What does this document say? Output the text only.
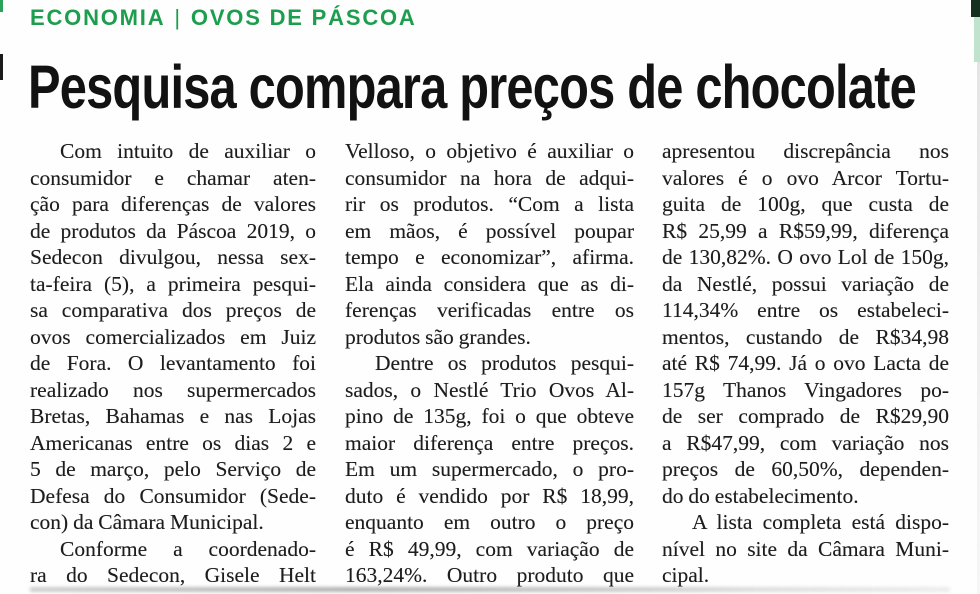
ECONOMIA | OVOS DE PÁSCOA
Pesquisa compara preços de chocolate
Com intuito de auxiliar o
consumidor e chamar aten-
ção para diferenças de valores
de produtos da Páscoa 2019, o
Sedecon divulgou, nessa sex-
ta-feira (5), a primeira pesqui-
sa comparativa dos preços de
ovos comercializados em Juiz
de Fora. O levantamento foi
realizado nos supermercados
Bretas, Bahamas e nas Lojas
Americanas entre os dias 2 e
5 de março, pelo Serviço de
Defesa do Consumidor (Sede-
con) da Câmara Municipal.
Conforme a coordenado-
ra do Sedecon, Gisele Helt
Velloso, o objetivo é auxiliar o
consumidor na hora de adqui-
rir os produtos. “Com a lista
em mãos, é possível poupar
tempo e economizar”, afirma.
Ela ainda considera que as di-
ferenças verificadas entre os
produtos são grandes.
Dentre os produtos pesqui-
sados, o Nestlé Trio Ovos Al-
pino de 135g, foi o que obteve
maior diferença entre preços.
Em um supermercado, o pro-
duto é vendido por R$ 18,99,
enquanto em outro o preço
é R$ 49,99, com variação de
163,24%. Outro produto que
apresentou discrepância nos
valores é o ovo Arcor Tortu-
guita de 100g, que custa de
R$ 25,99 a R$59,99, diferença
de 130,82%. O ovo Lol de 150g,
da Nestlé, possui variação de
114,34% entre os estabeleci-
mentos, custando de R$34,98
até R$ 74,99. Já o ovo Lacta de
157g Thanos Vingadores po-
de ser comprado de R$29,90
a R$47,99, com variação nos
preços de 60,50%, dependen-
do do estabelecimento.
A lista completa está dispo-
nível no site da Câmara Muni-
cipal.
